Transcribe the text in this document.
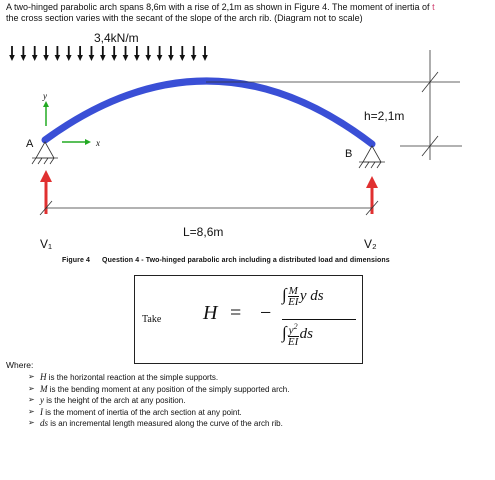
A two-hinged parabolic arch spans 8,6m with a rise of 2,1m as shown in Figure 4. The moment of inertia of t
the cross section varies with the secant of the slope of the arch rib. (Diagram not to scale)
3,4kN/m
y
x
A
B
L=8,6m
V₁	V₂
h=2,1m
Figure 4 Question 4 - Two-hinged parabolic arch including a distributed load and dimensions
Take H = −
∫ $\frac{M}{EI}$ y ds
∫ $\frac{y^2}{EI}$ ds
Where:
➢ H is the horizontal reaction at the simple supports.
➢ M is the bending moment at any position of the simply supported arch.
➢ y is the height of the arch at any position.
➢ I is the moment of inertia of the arch section at any point.
➢ ds is an incremental length measured along the curve of the arch rib.
